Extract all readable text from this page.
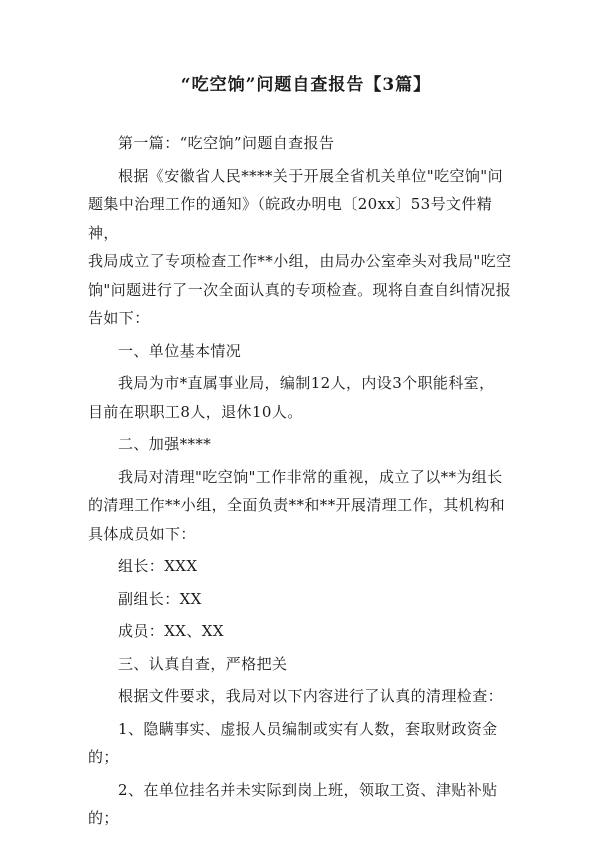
“吃空饷”问题自查报告【3篇】

第一篇：“吃空饷”问题自查报告

根据《安徽省人民****关于开展全省机关单位"吃空饷"问
题集中治理工作的通知》（皖政办明电〔20xx〕53号文件精神，
我局成立了专项检查工作**小组，由局办公室牵头对我局"吃空
饷"问题进行了一次全面认真的专项检查。现将自查自纠情况报
告如下：

一、单位基本情况

我局为市*直属事业局，编制12人，内设3个职能科室，
目前在职职工8人，退休10人。

二、加强****

我局对清理"吃空饷"工作非常的重视，成立了以**为组长
的清理工作**小组，全面负责**和**开展清理工作，其机构和
具体成员如下：

组长：XXX

副组长：XX

成员：XX、XX

三、认真自查，严格把关

根据文件要求，我局对以下内容进行了认真的清理检查：

1、隐瞒事实、虚报人员编制或实有人数，套取财政资金的；

2、在单位挂名并未实际到岗上班，领取工资、津贴补贴的；
